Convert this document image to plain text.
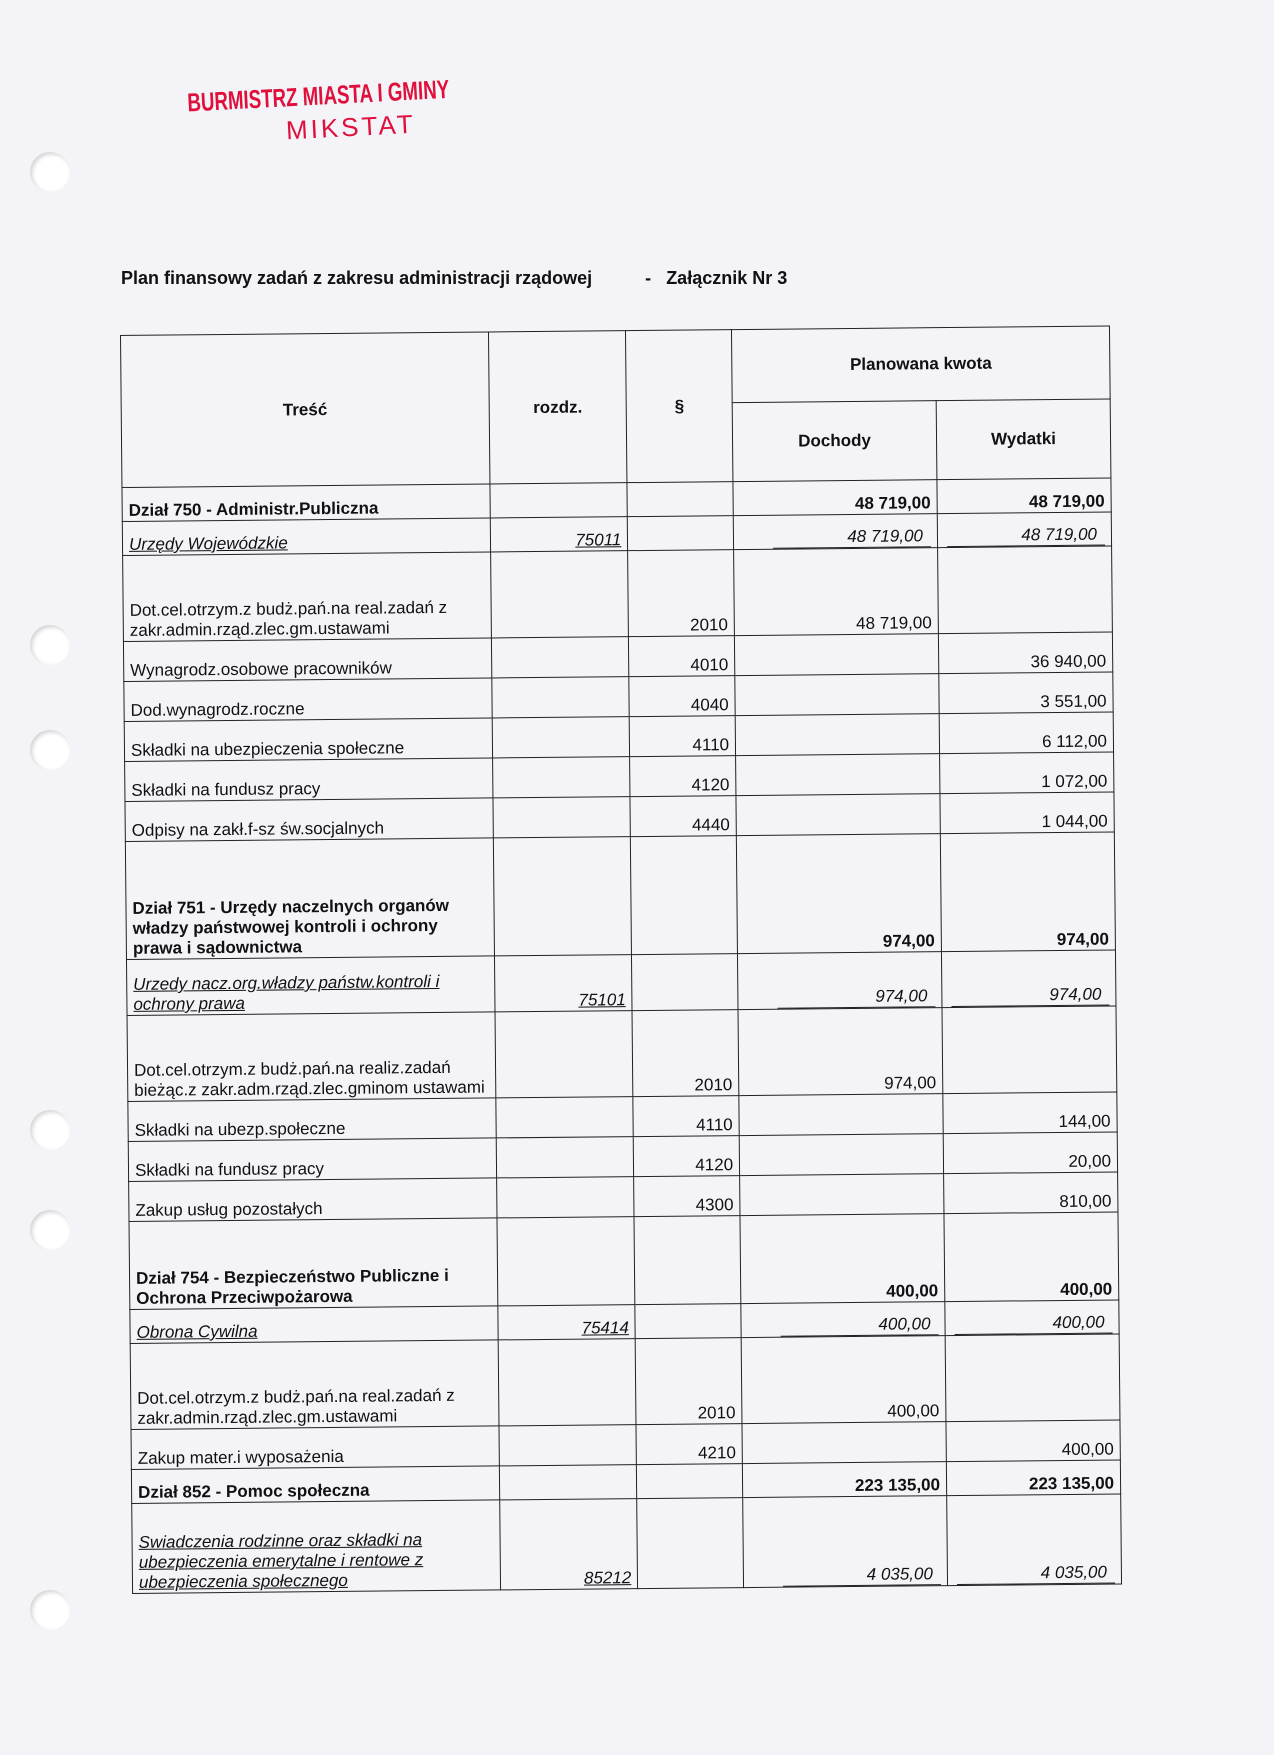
BURMISTRZ MIASTA I GMINY
MIKSTAT
Plan finansowy zadań z zakresu administracji rządowej	- Załącznik Nr 3
Treść	rozdz.	§	Planowana kwota	
			Dochody	Wydatki
Dział 750 - Administr.Publiczna			48 719,00	48 719,00
Urzędy Wojewódzkie	75011		48 719,00	48 719,00
Dot.cel.otrzym.z budż.pań.na real.zadań z zakr.admin.rząd.zlec.gm.ustawami		2010	48 719,00	
Wynagrodz.osobowe pracowników		4010		36 940,00
Dod.wynagrodz.roczne		4040		3 551,00
Składki na ubezpieczenia społeczne		4110		6 112,00
Składki na fundusz pracy		4120		1 072,00
Odpisy na zakł.f-sz św.socjalnych		4440		1 044,00
Dział 751 - Urzędy naczelnych organów władzy państwowej kontroli i ochrony prawa i sądownictwa			974,00	974,00
Urzedy nacz.org.władzy państw.kontroli i ochrony prawa	75101		974,00	974,00
Dot.cel.otrzym.z budż.pań.na realiz.zadań bieżąc.z zakr.adm.rząd.zlec.gminom ustawami		2010	974,00	
Składki na ubezp.społeczne		4110		144,00
Składki na fundusz pracy		4120		20,00
Zakup usług pozostałych		4300		810,00
Dział 754 - Bezpieczeństwo Publiczne i Ochrona Przeciwpożarowa			400,00	400,00
Obrona Cywilna	75414		400,00	400,00
Dot.cel.otrzym.z budż.pań.na real.zadań z zakr.admin.rząd.zlec.gm.ustawami		2010	400,00	
Zakup mater.i wyposażenia		4210		400,00
Dział 852 - Pomoc społeczna			223 135,00	223 135,00
Swiadczenia rodzinne oraz składki na ubezpieczenia emerytalne i rentowe z ubezpieczenia społecznego	85212		4 035,00	4 035,00
